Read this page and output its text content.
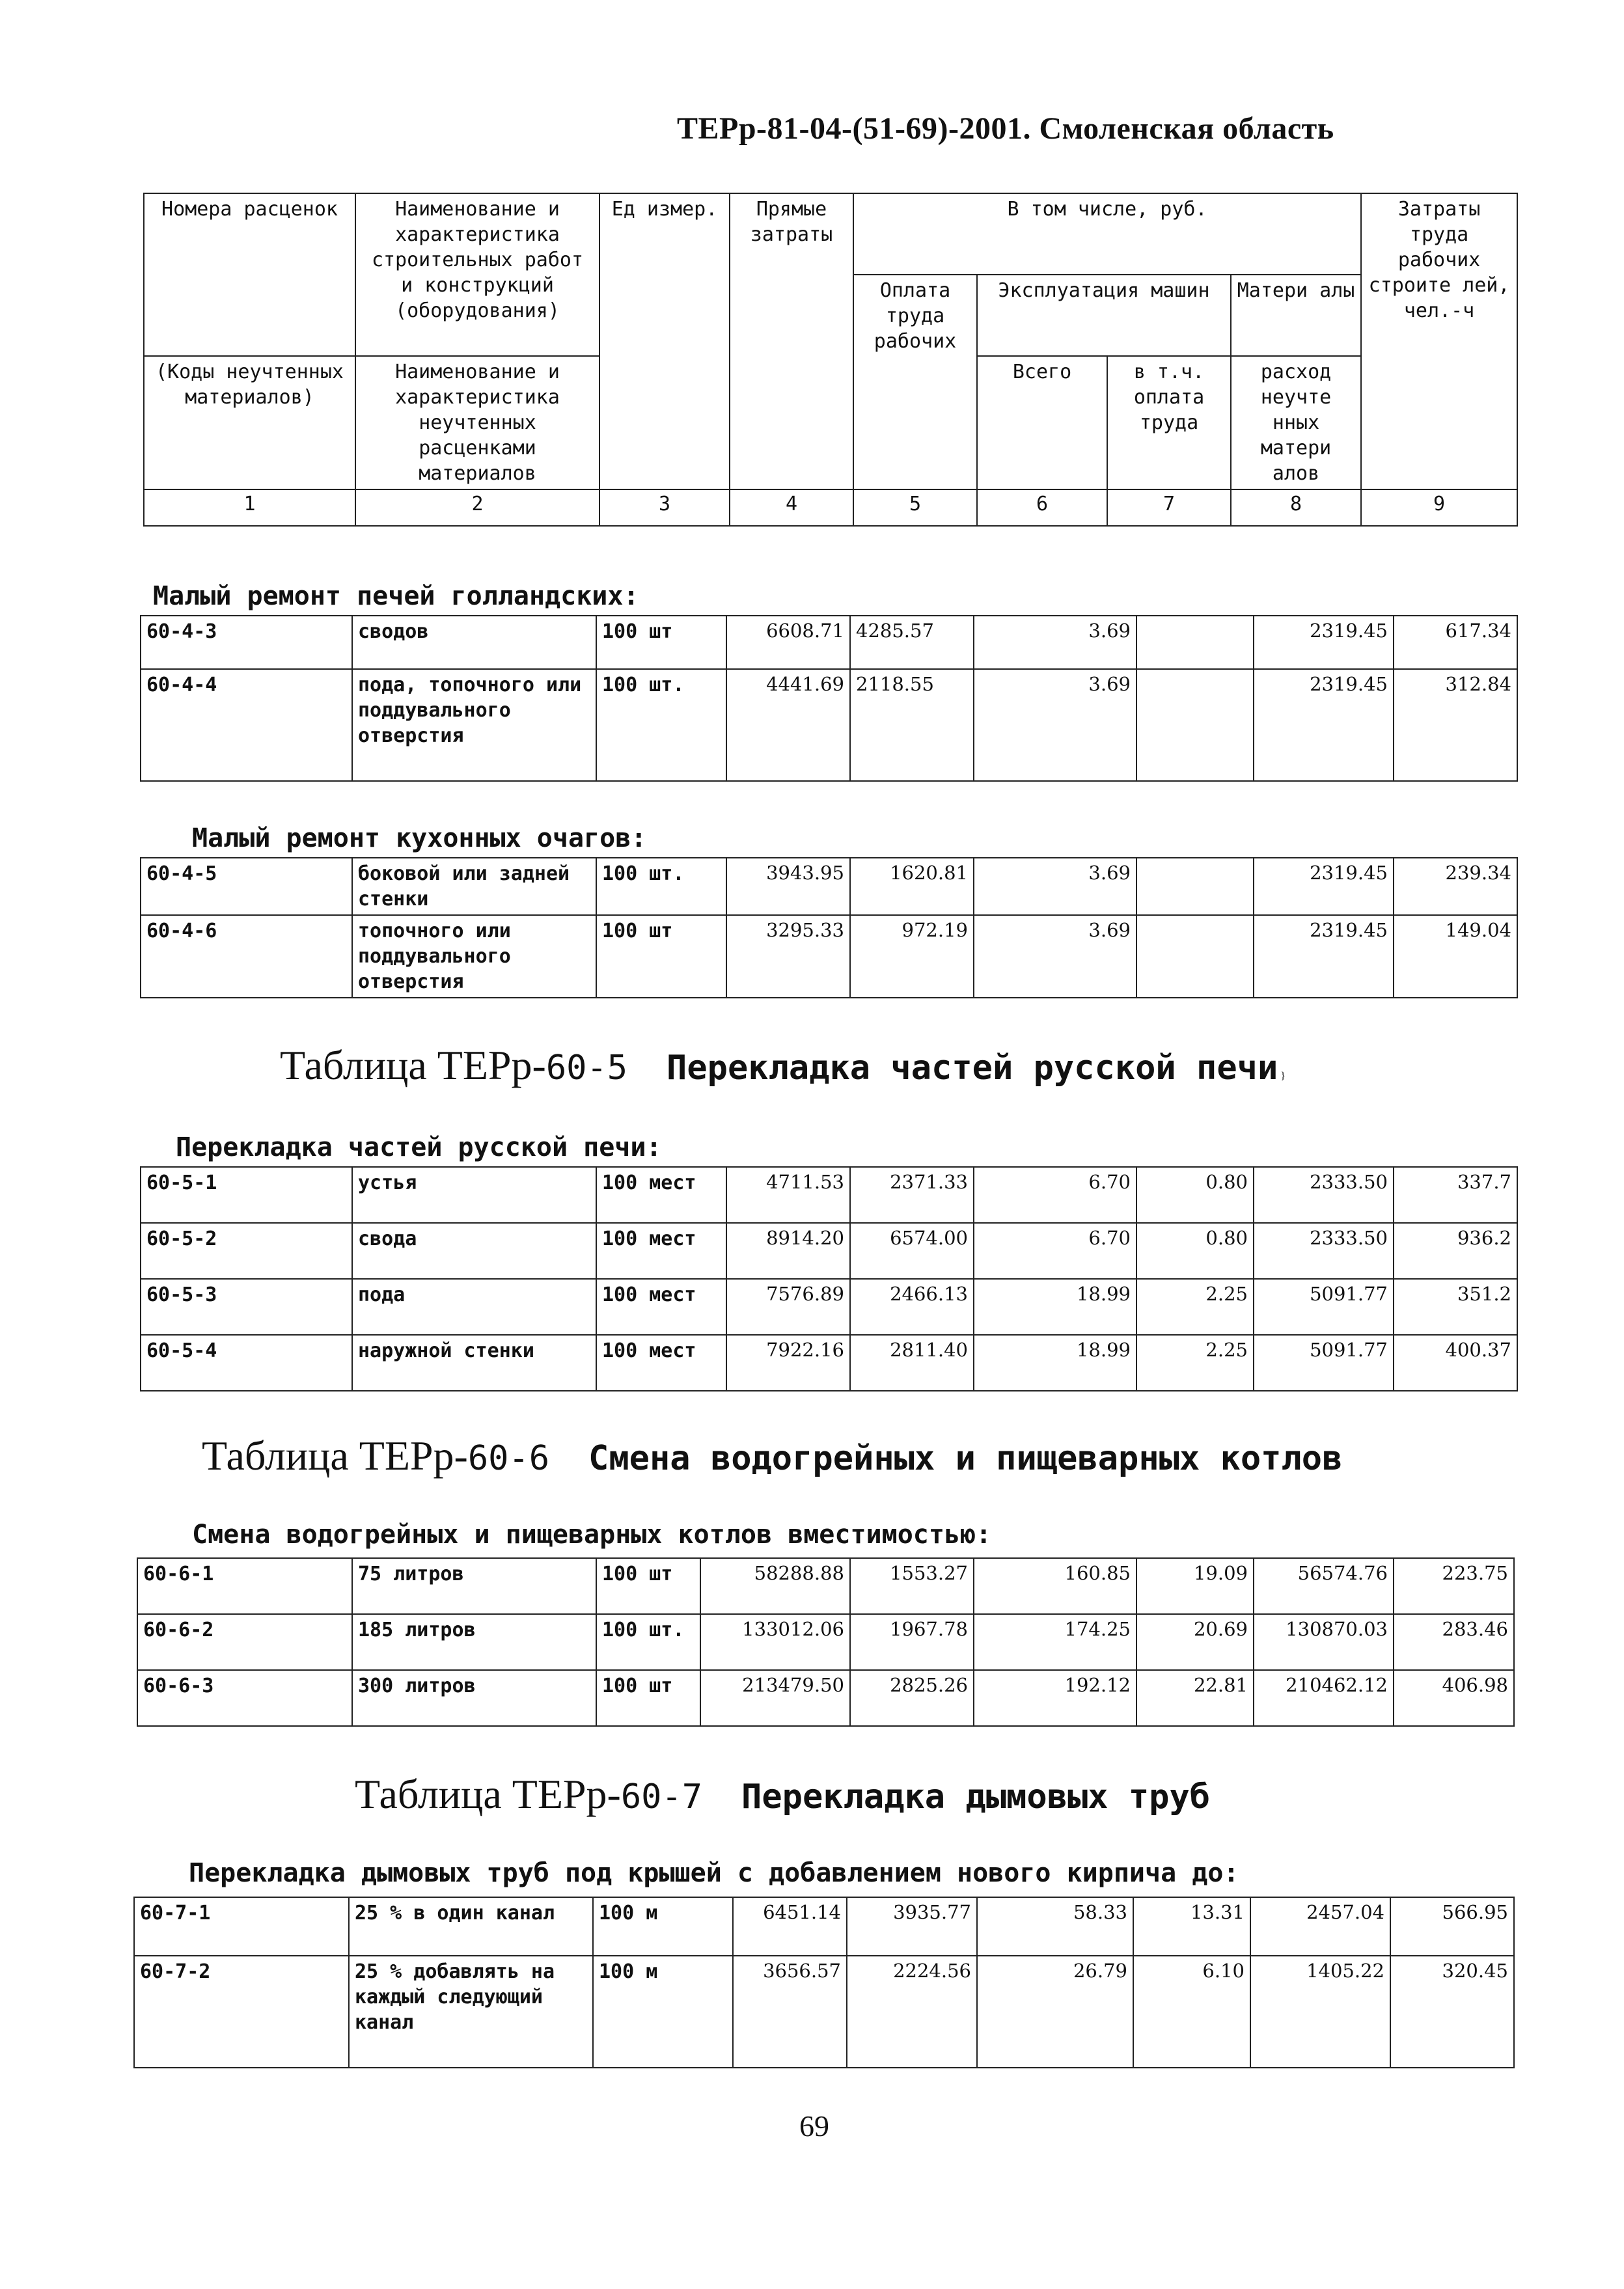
ТЕРр-81-04-(51-69)-2001. Смоленская область
Номера расценок	Наименование и характеристика строительных работ и конструкций (оборудования)	Ед измер.	Прямые затраты	В том числе, руб.				Затраты труда рабочих строите лей, чел.-ч
				Оплата труда рабочих	Эксплуатация машин		Матери алы	
(Коды неучтенных материалов)	Наименование и характеристика неучтенных расценками материалов				Всего	в т.ч. оплата труда	расход неучте нных матери алов	

1	2	3	4	5	6	7	8	9
Малый ремонт печей голландских:
60-4-3	сводов	100 шт	6608.71	4285.57	3.69		2319.45	617.34
60-4-4	пода, топочного или поддувального отверстия	100 шт.	4441.69	2118.55	3.69		2319.45	312.84
Малый ремонт кухонных очагов:
60-4-5	боковой или задней стенки	100 шт.	3943.95	1620.81	3.69		2319.45	239.34
60-4-6	топочного или поддувального отверстия	100 шт	3295.33	972.19	3.69		2319.45	149.04
Таблица ТЕРр-60-5 Перекладка частей русской печи }
Перекладка частей русской печи:
60-5-1	устья	100 мест	4711.53	2371.33	6.70	0.80	2333.50	337.7
60-5-2	свода	100 мест	8914.20	6574.00	6.70	0.80	2333.50	936.2
60-5-3	пода	100 мест	7576.89	2466.13	18.99	2.25	5091.77	351.2
60-5-4	наружной стенки	100 мест	7922.16	2811.40	18.99	2.25	5091.77	400.37
Таблица ТЕРр-60-6 Смена водогрейных и пищеварных котлов
Смена водогрейных и пищеварных котлов вместимостью:
60-6-1	75 литров	100 шт	58288.88	1553.27	160.85	19.09	56574.76	223.75
60-6-2	185 литров	100 шт.	133012.06	1967.78	174.25	20.69	130870.03	283.46
60-6-3	300 литров	100 шт	213479.50	2825.26	192.12	22.81	210462.12	406.98
Таблица ТЕРр-60-7 Перекладка дымовых труб
Перекладка дымовых труб под крышей с добавлением нового кирпича до:
60-7-1	25 % в один канал	100 м	6451.14	3935.77	58.33	13.31	2457.04	566.95
60-7-2	25 % добавлять на каждый следующий канал	100 м	3656.57	2224.56	26.79	6.10	1405.22	320.45
69
